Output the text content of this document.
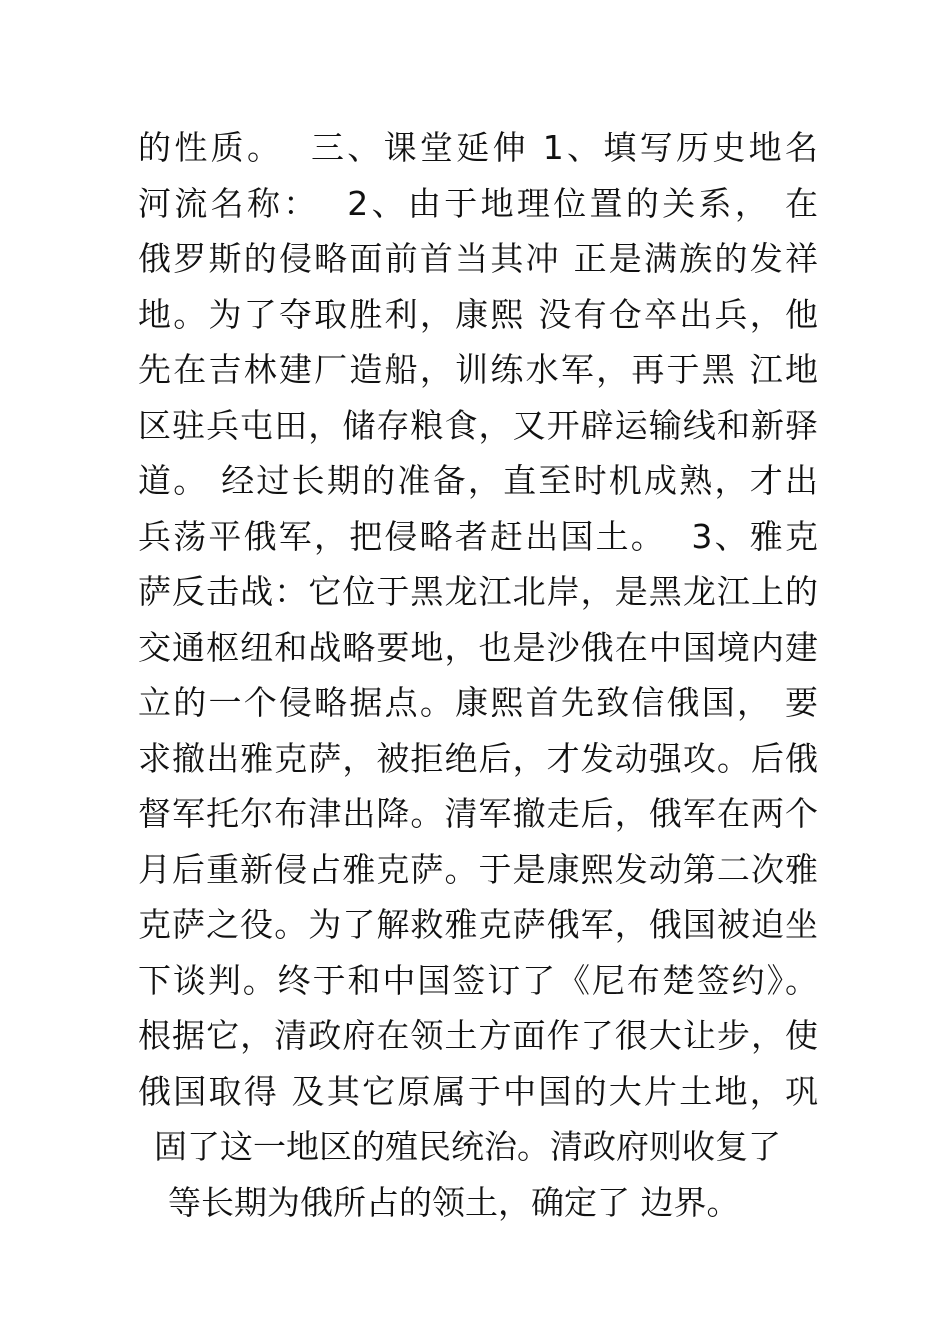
的性质。  三、课堂延伸 1、填写历史地名
河流名称：  2、由于地理位置的关系， 在
俄罗斯的侵略面前首当其冲 正是满族的发祥
地。为了夺取胜利，康熙 没有仓卒出兵，他
先在吉林建厂造船，训练水军，再于黑 江地
区驻兵屯田，储存粮食，又开辟运输线和新驿
道。 经过长期的准备，直至时机成熟，才出
兵荡平俄军，把侵略者赶出国土。  3、雅克
萨反击战：它位于黑龙江北岸，是黑龙江上的
交通枢纽和战略要地，也是沙俄在中国境内建
立的一个侵略据点。康熙首先致信俄国， 要
求撤出雅克萨，被拒绝后，才发动强攻。后俄
督军托尔布津出降。清军撤走后，俄军在两个
月后重新侵占雅克萨。于是康熙发动第二次雅
克萨之役。为了解救雅克萨俄军，俄国被迫坐
下谈判。终于和中国签订了《尼布楚签约》。
根据它，清政府在领土方面作了很大让步，使
俄国取得 及其它原属于中国的大片土地，巩
固了这一地区的殖民统治。清政府则收复了
等长期为俄所占的领土，确定了 边界。
